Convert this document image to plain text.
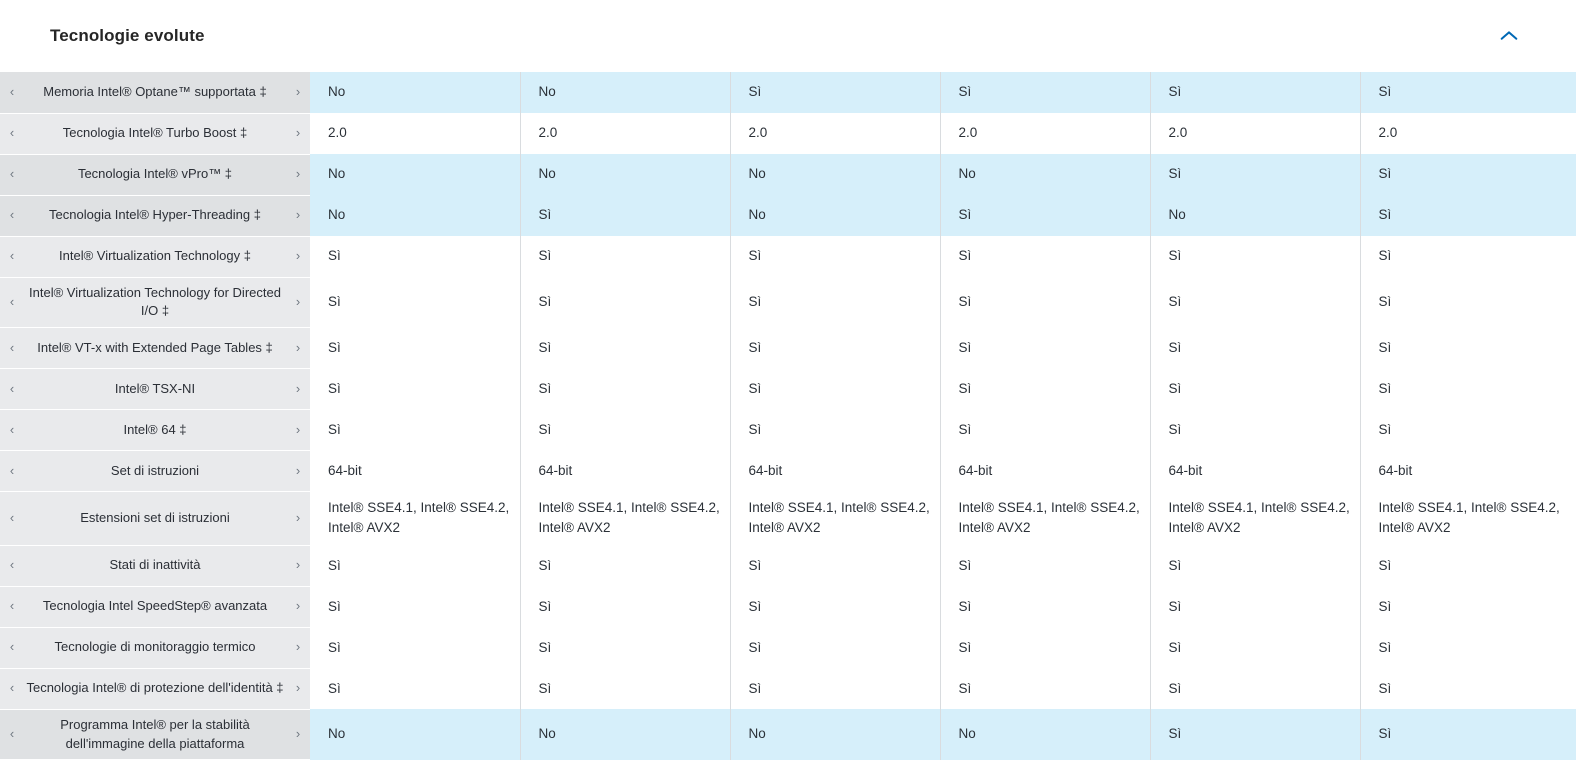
Tecnologie evolute
‹ Memoria Intel® Optane™ supportata ‡ ›	No	No	Sì	Sì	Sì	Sì

‹ Tecnologia Intel® Turbo Boost ‡ ›	2.0	2.0	2.0	2.0	2.0	2.0

‹ Tecnologia Intel® vPro™ ‡ ›	No	No	No	No	Sì	Sì

‹ Tecnologia Intel® Hyper-Threading ‡ ›	No	Sì	No	Sì	No	Sì

‹ Intel® Virtualization Technology ‡ ›	Sì	Sì	Sì	Sì	Sì	Sì

‹
Intel® Virtualization Technology for Directed I/O ‡
›	Sì	Sì	Sì	Sì	Sì	Sì

‹ Intel® VT-x with Extended Page Tables ‡ ›	Sì	Sì	Sì	Sì	Sì	Sì

‹ Intel® TSX-NI ›	Sì	Sì	Sì	Sì	Sì	Sì

‹ Intel® 64 ‡ ›	Sì	Sì	Sì	Sì	Sì	Sì

‹ Set di istruzioni ›	64-bit	64-bit	64-bit	64-bit	64-bit	64-bit

‹ Estensioni set di istruzioni ›	Intel® SSE4.1, Intel® SSE4.2, Intel® AVX2	Intel® SSE4.1, Intel® SSE4.2, Intel® AVX2	Intel® SSE4.1, Intel® SSE4.2, Intel® AVX2	Intel® SSE4.1, Intel® SSE4.2, Intel® AVX2	Intel® SSE4.1, Intel® SSE4.2, Intel® AVX2	Intel® SSE4.1, Intel® SSE4.2, Intel® AVX2

‹ Stati di inattività ›	Sì	Sì	Sì	Sì	Sì	Sì

‹ Tecnologia Intel SpeedStep® avanzata ›	Sì	Sì	Sì	Sì	Sì	Sì

‹ Tecnologie di monitoraggio termico ›	Sì	Sì	Sì	Sì	Sì	Sì

‹ Tecnologia Intel® di protezione dell'identità ‡ ›	Sì	Sì	Sì	Sì	Sì	Sì

‹
Programma Intel® per la stabilità dell'immagine della piattaforma
›	No	No	No	No	Sì	Sì
